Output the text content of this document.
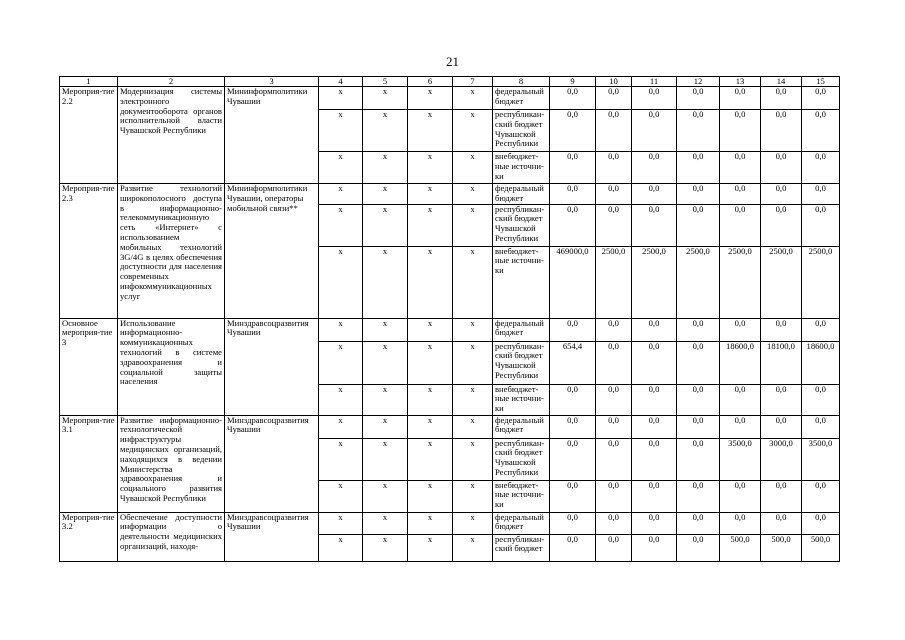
21
1	2	3	4	5	6	7	8	9	10	11	12	13	14	15
Мероприя-тие 2.2	Модернизация системы электронного документооборота органов исполнительной власти Чувашской Республики	Мининформполитики Чувашии	x	x	x	x	федеральный бюджет	0,0	0,0	0,0	0,0	0,0	0,0	0,0
			x	x	x	x	республикан-ский бюджет Чувашской Республики	0,0	0,0	0,0	0,0	0,0	0,0	0,0
			x	x	x	x	внебюджет-ные источни-ки	0,0	0,0	0,0	0,0	0,0	0,0	0,0
Мероприя-тие 2.3	Развитие технологий широкополосного доступа в информационно-телекоммуникационную сеть «Интернет» с использованием мобильных технологий 3G/4G в целях обеспечения доступности для населения современных инфокоммуникационных услуг	Мининформполитики Чувашии, операторы мобильной связи**	x	x	x	x	федеральный бюджет	0,0	0,0	0,0	0,0	0,0	0,0	0,0
			x	x	x	x	республикан-ский бюджет Чувашской Республики	0,0	0,0	0,0	0,0	0,0	0,0	0,0
			x	x	x	x	внебюджет-ные источни-ки	469000,0	2500,0	2500,0	2500,0	2500,0	2500,0	2500,0
Основное мероприя-тие 3	Использование информационно-коммуникационных технологий в системе здравоохранения и социальной защиты населения	Минздравсоцразвития Чувашии	x	x	x	x	федеральный бюджет	0,0	0,0	0,0	0,0	0,0	0,0	0,0
			x	x	x	x	республикан-ский бюджет Чувашской Республики	654,4	0,0	0,0	0,0	18600,0	18100,0	18600,0
			x	x	x	x	внебюджет-ные источни-ки	0,0	0,0	0,0	0,0	0,0	0,0	0,0
Мероприя-тие 3.1	Развитие информационно-технологической инфраструктуры медицинских организаций, находящихся в ведении Министерства здравоохранения и социального развития Чувашской Республики	Минздравсоцразвития Чувашии	x	x	x	x	федеральный бюджет	0,0	0,0	0,0	0,0	0,0	0,0	0,0
			x	x	x	x	республикан-ский бюджет Чувашской Республики	0,0	0,0	0,0	0,0	3500,0	3000,0	3500,0
			x	x	x	x	внебюджет-ные источни-ки	0,0	0,0	0,0	0,0	0,0	0,0	0,0
Мероприя-тие 3.2	Обеспечение доступности информации о деятельности медицинских организаций, находя-	Минздравсоцразвития Чувашии	x	x	x	x	федеральный бюджет	0,0	0,0	0,0	0,0	0,0	0,0	0,0
			x	x	x	x	республикан-ский бюджет	0,0	0,0	0,0	0,0	500,0	500,0	500,0
